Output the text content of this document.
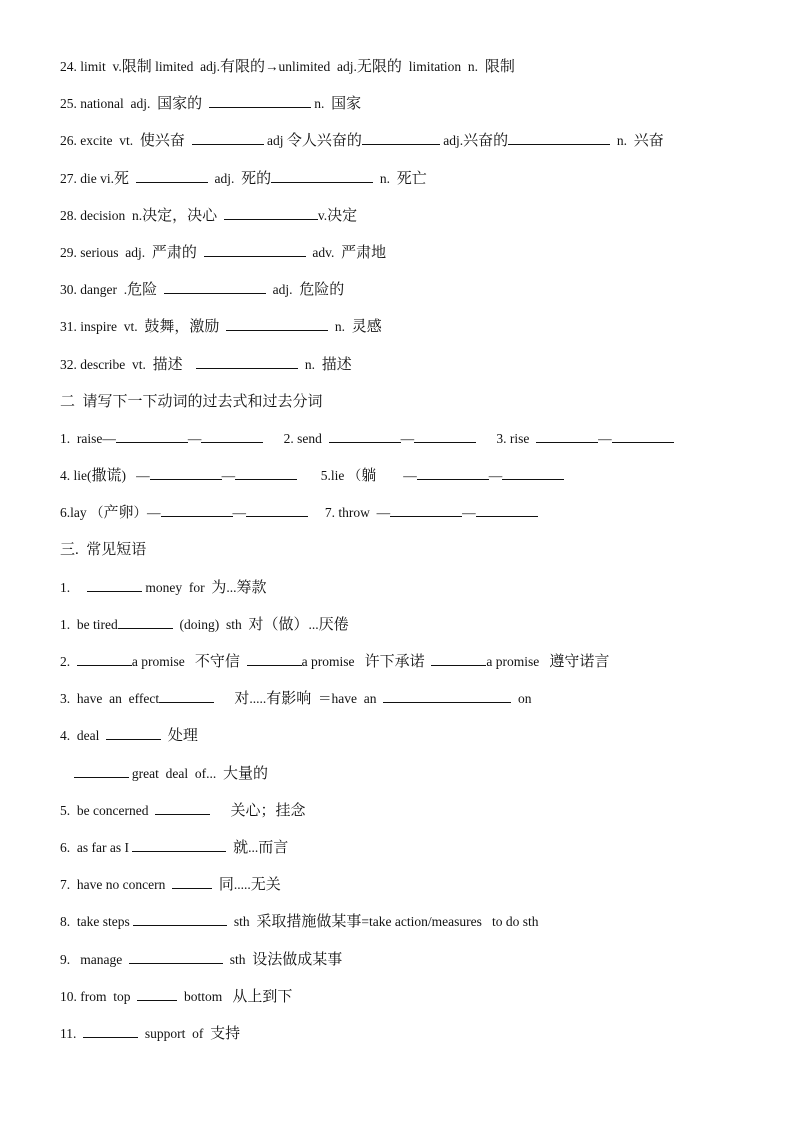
24. limit  v.限制 limited  adj.有限的→unlimited  adj.无限的  limitation  n.  限制
25. national  adj.  国家的	n.  国家
26. excite  vt.  使兴奋	adj 令人兴奋的	adj.兴奋的	n.  兴奋
27. die vi.死	adj.  死的	n.  死亡
28. decision  n.决定，决心	v.决定
29. serious  adj.  严肃的	adv.  严肃地
30. danger  .危险	adj.  危险的
31. inspire  vt.  鼓舞，激励	n.  灵感
32. describe  vt.  描述	n.  描述
二  请写下一下动词的过去式和过去分词
1.  raise—	—	2. send	—	3. rise	—
4. lie(撒谎)   —	—	5.lie （躺        —	—
6.lay （产卵）—	—	7. throw  —	—
三.  常见短语
1.	money  for  为...筹款
1.  be tired	(doing)  sth  对（做）...厌倦
2.	a promise   不守信	a promise   许下承诺	a promise   遵守诺言
3.  have  an  effect	对.....有影响  ＝have  an	on
4.  deal	处理
great  deal  of...  大量的
5.  be concerned	关心；挂念
6.  as far as I	就...而言
7.  have no concern	同.....无关
8.  take steps	sth  采取措施做某事=take action/measures   to do sth
9.   manage	sth  设法做成某事
10. from  top	bottom   从上到下
11.	support  of  支持
